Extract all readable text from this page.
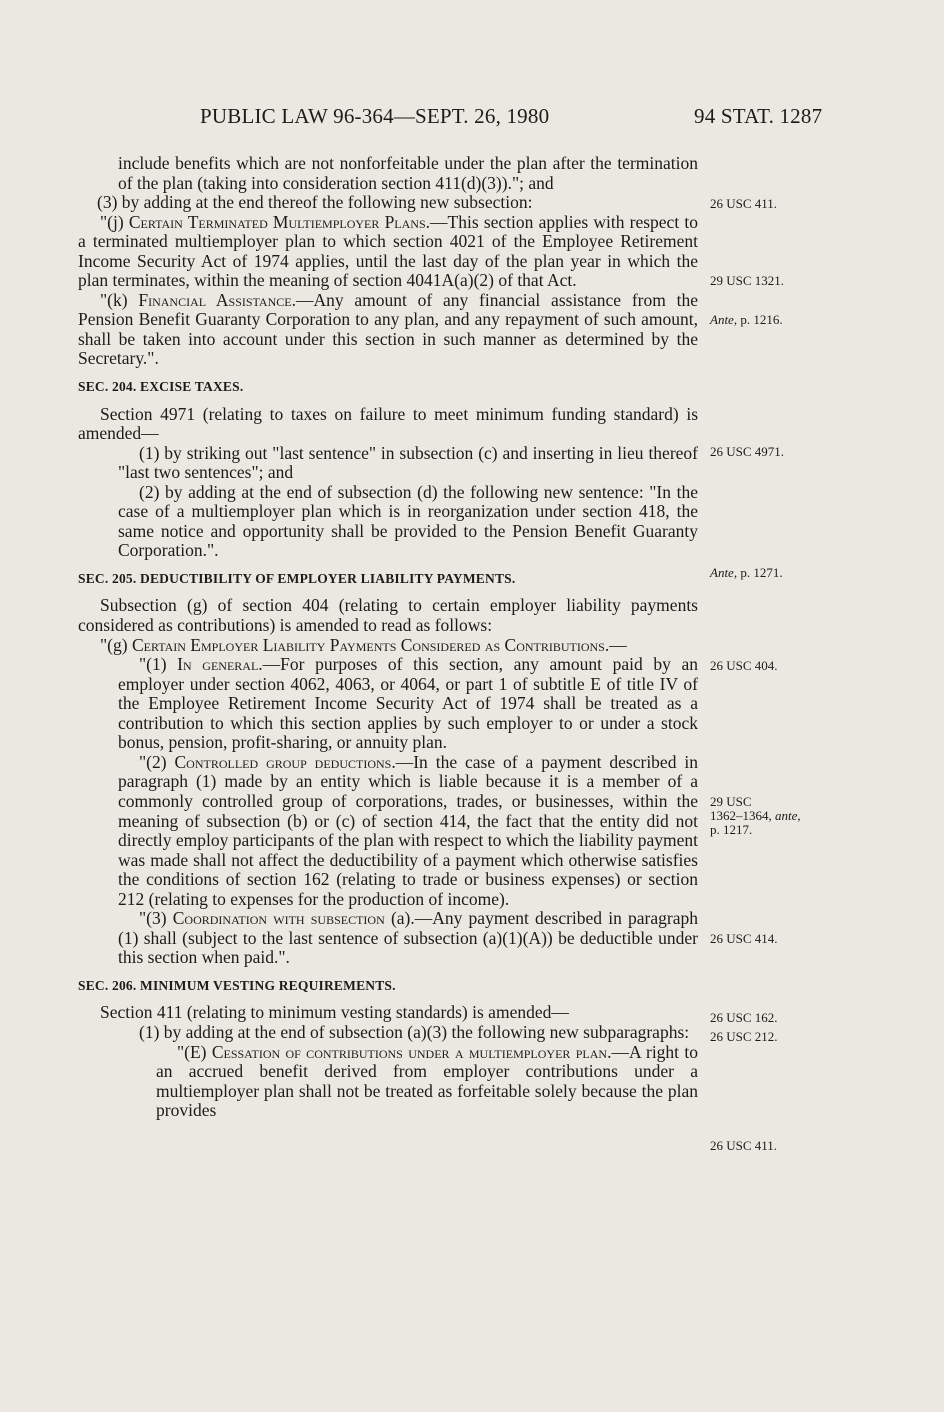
PUBLIC LAW 96-364—SEPT. 26, 1980	94 STAT. 1287

include benefits which are not nonforfeitable under the plan after the termination of the plan (taking into consideration section 411(d)(3))."; and

(3) by adding at the end thereof the following new subsection:

"(j) Certain Terminated Multiemployer Plans.—This section applies with respect to a terminated multiemployer plan to which section 4021 of the Employee Retirement Income Security Act of 1974 applies, until the last day of the plan year in which the plan terminates, within the meaning of section 4041A(a)(2) of that Act.

"(k) Financial Assistance.—Any amount of any financial assistance from the Pension Benefit Guaranty Corporation to any plan, and any repayment of such amount, shall be taken into account under this section in such manner as determined by the Secretary.".

SEC. 204. EXCISE TAXES.

Section 4971 (relating to taxes on failure to meet minimum funding standard) is amended—

(1) by striking out "last sentence" in subsection (c) and inserting in lieu thereof "last two sentences"; and

(2) by adding at the end of subsection (d) the following new sentence: "In the case of a multiemployer plan which is in reorganization under section 418, the same notice and opportunity shall be provided to the Pension Benefit Guaranty Corporation.".

SEC. 205. DEDUCTIBILITY OF EMPLOYER LIABILITY PAYMENTS.

Subsection (g) of section 404 (relating to certain employer liability payments considered as contributions) is amended to read as follows:

"(g) Certain Employer Liability Payments Considered as Contributions.—

"(1) In general.—For purposes of this section, any amount paid by an employer under section 4062, 4063, or 4064, or part 1 of subtitle E of title IV of the Employee Retirement Income Security Act of 1974 shall be treated as a contribution to which this section applies by such employer to or under a stock bonus, pension, profit-sharing, or annuity plan.

"(2) Controlled group deductions.—In the case of a payment described in paragraph (1) made by an entity which is liable because it is a member of a commonly controlled group of corporations, trades, or businesses, within the meaning of subsection (b) or (c) of section 414, the fact that the entity did not directly employ participants of the plan with respect to which the liability payment was made shall not affect the deductibility of a payment which otherwise satisfies the conditions of section 162 (relating to trade or business expenses) or section 212 (relating to expenses for the production of income).

"(3) Coordination with subsection (a).—Any payment described in paragraph (1) shall (subject to the last sentence of subsection (a)(1)(A)) be deductible under this section when paid.".

SEC. 206. MINIMUM VESTING REQUIREMENTS.

Section 411 (relating to minimum vesting standards) is amended—

(1) by adding at the end of subsection (a)(3) the following new subparagraphs:

"(E) Cessation of contributions under a multiemployer plan.—A right to an accrued benefit derived from employer contributions under a multiemployer plan shall not be treated as forfeitable solely because the plan provides

26 USC 411.
29 USC 1321.
Ante, p. 1216.
26 USC 4971.
Ante, p. 1271.
26 USC 404.
29 USC
1362–1364, ante,
p. 1217.
26 USC 414.
26 USC 162.
26 USC 212.
26 USC 411.
